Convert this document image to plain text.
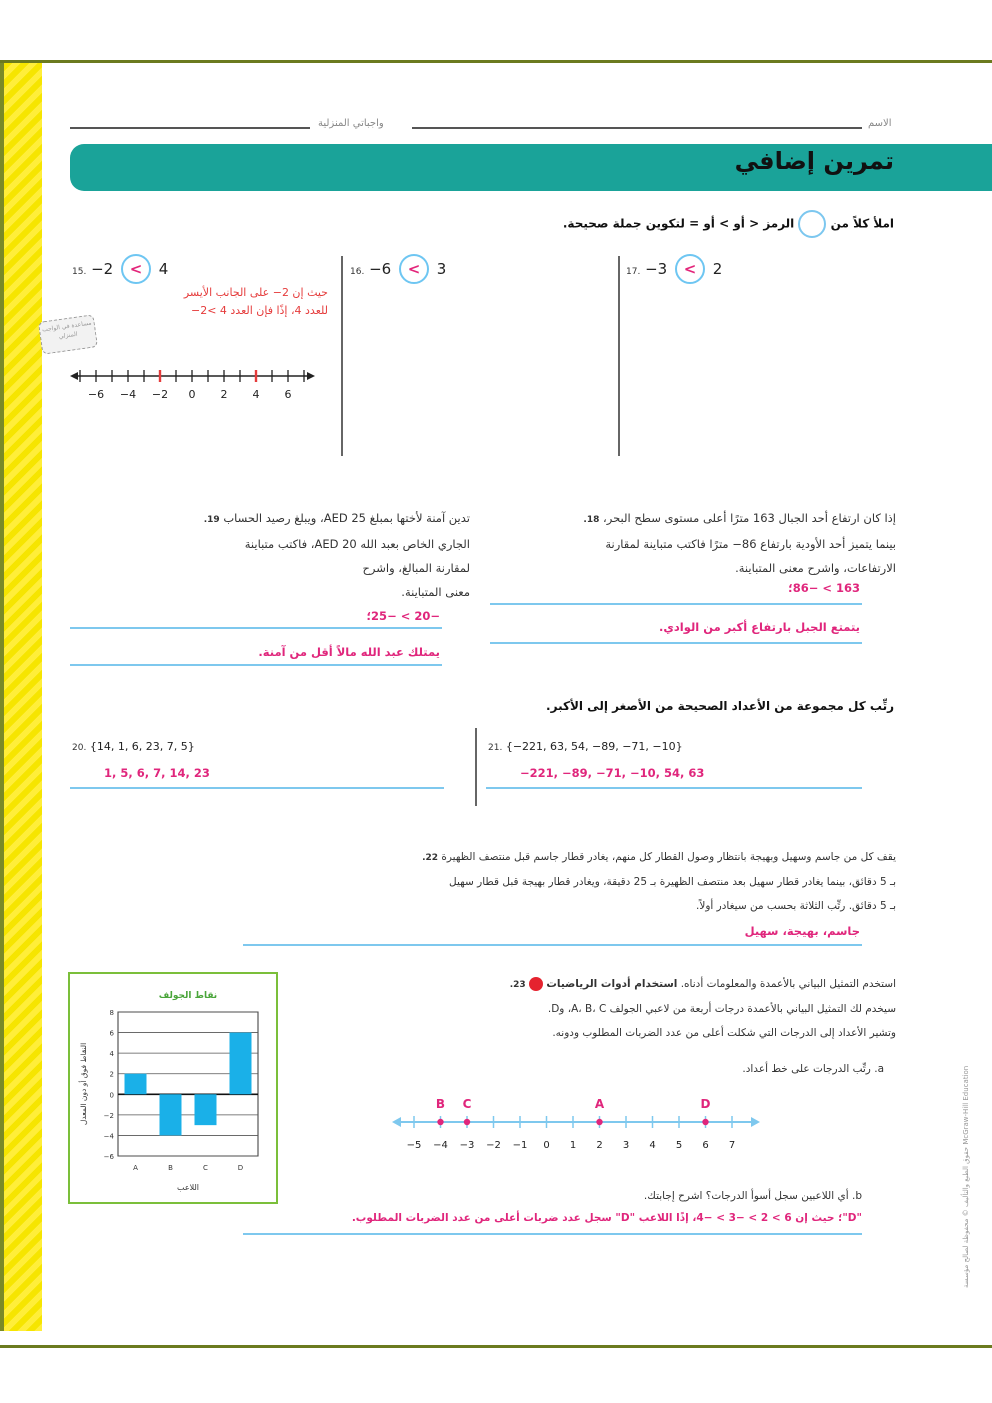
واجباتي المنزلية	الاسم
تمرين إضافي
املأ كلاً من  الرمز < أو > أو = لتكوين جملة صحيحة.
15. −2 < 4
حيث إن 2− على الجانب الأيسر
للعدد 4، إذًا فإن العدد 4 >2−
مساعدة في الواجب المنزلي
−6 −4 −2 0 2 4 6
16. −6 < 3	17. −3 < 2
إذا كان ارتفاع أحد الجبال 163 مترًا أعلى مستوى سطح البحر، 18.
بينما يتميز أحد الأودية بارتفاع 86− مترًا فاكتب متباينة لمقارنة
الارتفاعات، واشرح معنى المتباينة.
163 > −86؛
يتمتع الجبل بارتفاع أكبر من الوادي.
تدين آمنة لأختها بمبلغ AED 25، ويبلغ رصيد الحساب 19.
الجاري الخاص بعبد الله AED 20، فاكتب متباينة
لمقارنة المبالغ، واشرح
معنى المتباينة.
−20 > −25؛
يمتلك عبد الله مالاً أقل من آمنة.
رتِّب كل مجموعة من الأعداد الصحيحة من الأصغر إلى الأكبر.
20. {14, 1, 6, 23, 7, 5}
1, 5, 6, 7, 14, 23
21. {−221, 63, 54, −89, −71, −10}
−221, −89, −71, −10, 54, 63
يقف كل من جاسم وسهيل وبهيجة بانتظار وصول القطار كل منهم، يغادر قطار جاسم قبل منتصف الظهيرة 22.
بـ 5 دقائق، بينما يغادر قطار سهيل بعد منتصف الظهيرة بـ 25 دقيقة، ويغادر قطار بهيجة قبل قطار سهيل
بـ 5 دقائق. رتِّب الثلاثة بحسب من سيغادر أولاً.
جاسم، بهيجة، سهيل
استخدم التمثيل البياني بالأعمدة والمعلومات أدناه. استخدام أدوات الرياضيات  23.
سيخدم لك التمثيل البياني بالأعمدة درجات أربعة من لاعبي الجولف A، B، C، وD.
وتشير الأعداد إلى الدرجات التي شكلت أعلى من عدد الضربات المطلوب ودونه.
a. رتِّب الدرجات على خط أعداد.
−5 −4 −3 −2 −1 0 1 2 3 4 5 6 7
B C	A	D
b. أي اللاعبين سجل أسوأ الدرجات؟ اشرح إجابتك.
"D"؛ حيث إن 6 > 2 > −3 > −4، إذًا اللاعب "D" سجل عدد ضربات أعلى من عدد الضربات المطلوب.
نقاط الجولف
اللاعب
النقاط فوق أو دون المعدل
8
6
4
2
0
−2
−4
−6
A	B	C	D	حقوق الطبع والتأليف © محفوظة لصالح مؤسسة McGraw-Hill Education
